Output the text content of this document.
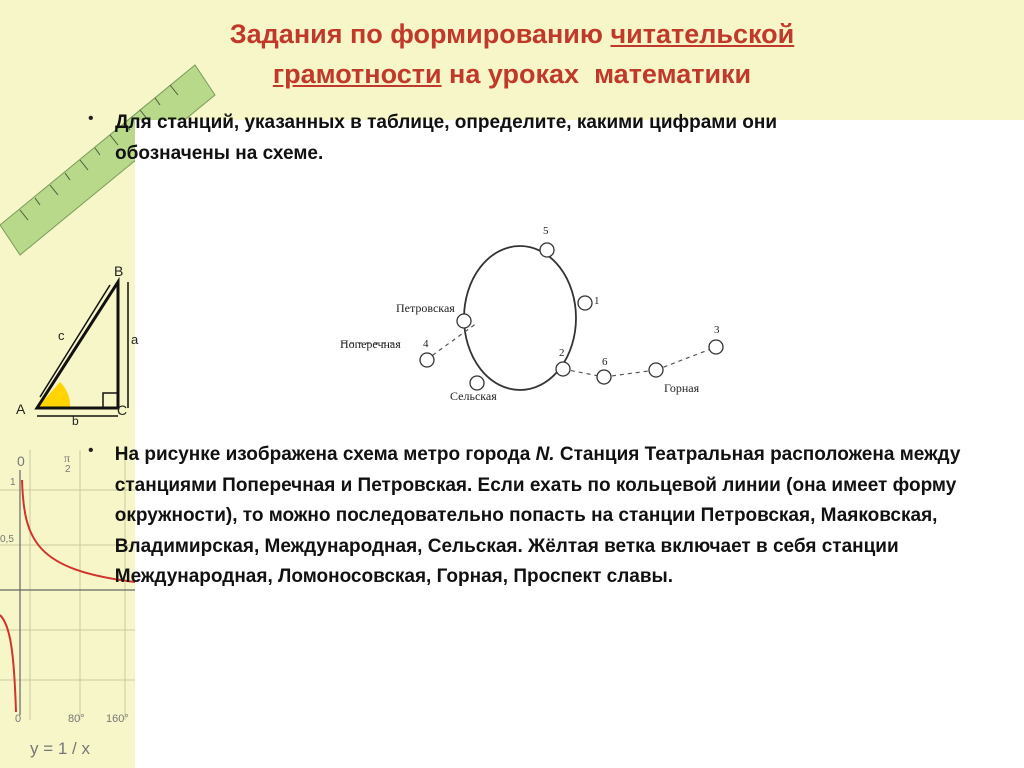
B
A	C
c	a
b
0	π
2
1
0,5
0	80° 160°
y = 1 / x
Задания по формированию читательской
грамотности на уроках  математики
•	Для станций, указанных в таблице, определите, какими цифрами они обозначены на схеме.
5
1
4
2
6
3
Петровская
Поперечная
Сельская
Горная
•	На рисунке изображена схема метро города N. Станция Театральная расположена между станциями Поперечная и Петровская. Если ехать по кольцевой линии (она имеет форму окружности), то можно последовательно попасть на станции Петровская, Маяковская, Владимирская, Международная, Сельская. Жёлтая ветка включает в себя станции Международная, Ломоносовская, Горная, Проспект славы.
